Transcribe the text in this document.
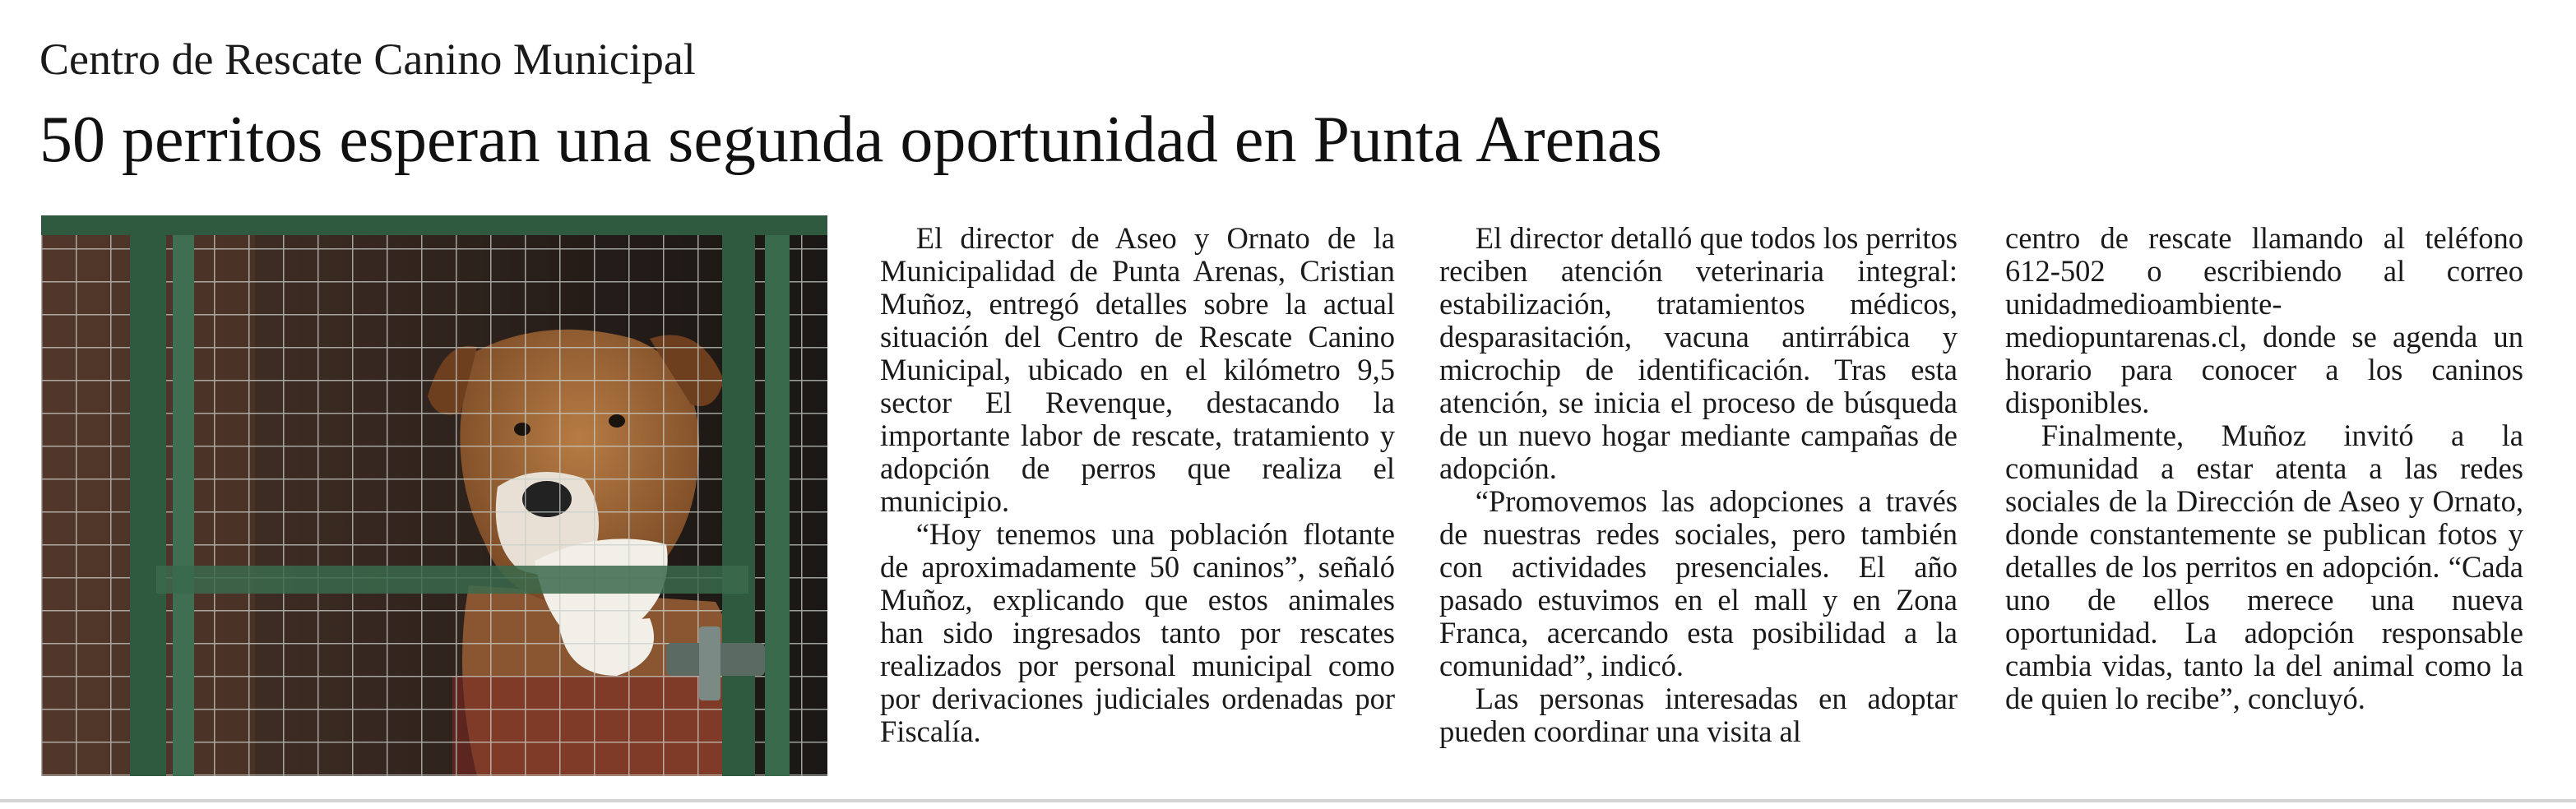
Centro de Rescate Canino Municipal
50 perritos esperan una segunda oportunidad en Punta Arenas

El director de Aseo y Ornato de la Municipalidad de Punta Arenas, Cristian Muñoz, entregó detalles sobre la actual situación del Centro de Rescate Canino Municipal, ubicado en el kilómetro 9,5 sector El Revenque, destacando la importante labor de rescate, tratamiento y adopción de perros que realiza el municipio.

“Hoy tenemos una población flotante de aproximadamente 50 caninos”, señaló Muñoz, explicando que estos animales han sido ingresados tanto por rescates realizados por personal municipal como por derivaciones judiciales ordenadas por Fiscalía.

El director detalló que todos los perritos reciben atención veterinaria integral: estabilización, tratamientos médicos, desparasitación, vacuna antirrábica y microchip de identificación. Tras esta atención, se inicia el proceso de búsqueda de un nuevo hogar mediante campañas de adopción.

“Promovemos las adopciones a través de nuestras redes sociales, pero también con actividades presenciales. El año pasado estuvimos en el mall y en Zona Franca, acercando esta posibilidad a la comunidad”, indicó.

Las personas interesadas en adoptar pueden coordinar una visita al

centro de rescate llamando al teléfono 612-502 o escribiendo al correo unidadmedioambiente-mediopuntarenas.cl, donde se agenda un horario para conocer a los caninos disponibles.

Finalmente, Muñoz invitó a la comunidad a estar atenta a las redes sociales de la Dirección de Aseo y Ornato, donde constantemente se publican fotos y detalles de los perritos en adopción. “Cada uno de ellos merece una nueva oportunidad. La adopción responsable cambia vidas, tanto la del animal como la de quien lo recibe”, concluyó.
